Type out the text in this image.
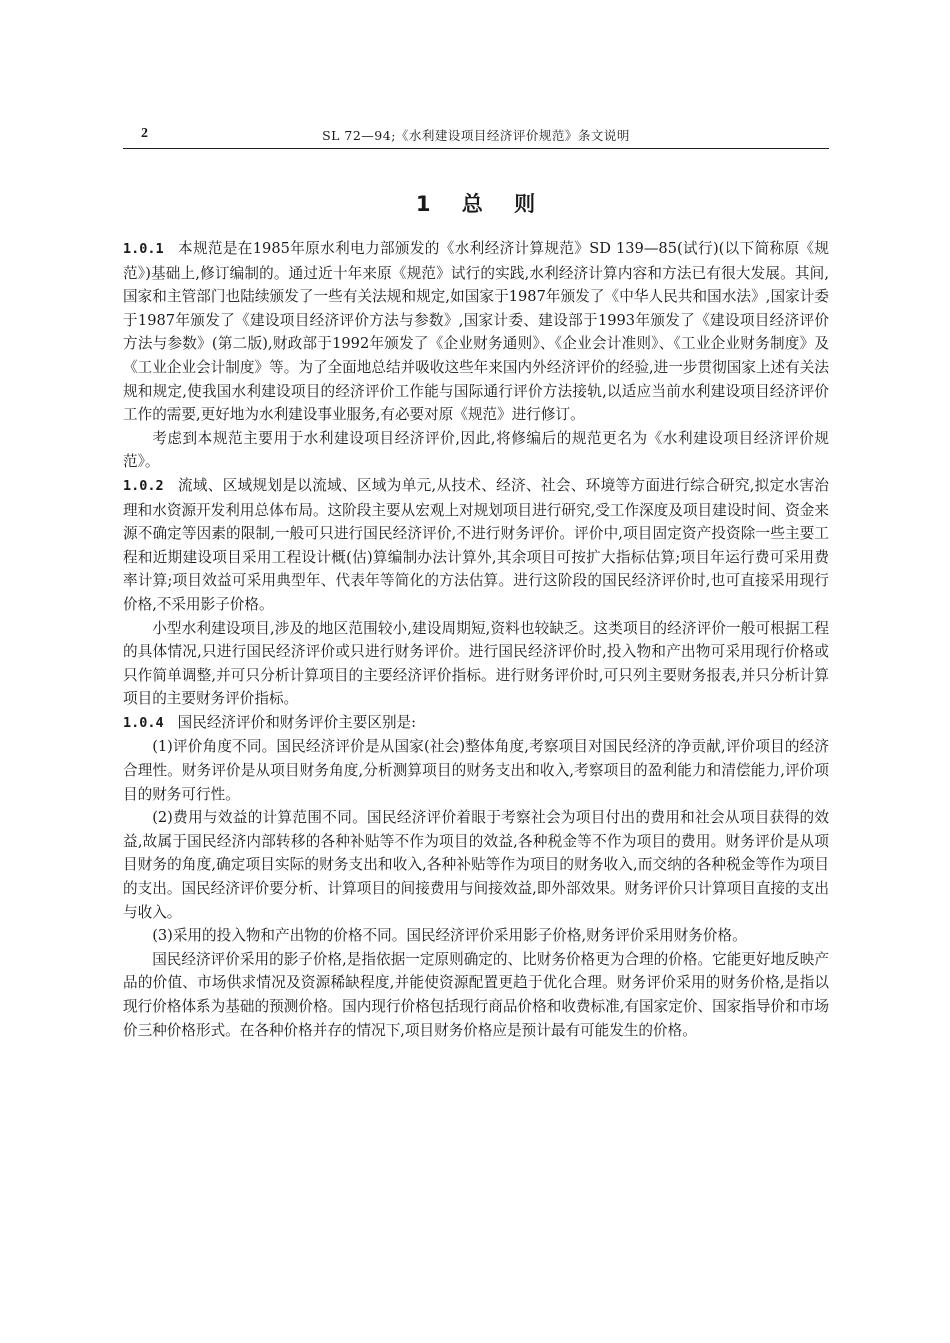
2	SL 72—94;《水利建设项目经济评价规范》条文说明
1 总 则

1.0.1 本规范是在1985年原水利电力部颁发的《水利经济计算规范》SD 139—85(试行)(以下简称原《规范》)基础上,修订编制的。通过近十年来原《规范》试行的实践,水利经济计算内容和方法已有很大发展。其间,国家和主管部门也陆续颁发了一些有关法规和规定,如国家于1987年颁发了《中华人民共和国水法》,国家计委于1987年颁发了《建设项目经济评价方法与参数》,国家计委、建设部于1993年颁发了《建设项目经济评价方法与参数》(第二版),财政部于1992年颁发了《企业财务通则》、《企业会计准则》、《工业企业财务制度》及《工业企业会计制度》等。为了全面地总结并吸收这些年来国内外经济评价的经验,进一步贯彻国家上述有关法规和规定,使我国水利建设项目的经济评价工作能与国际通行评价方法接轨,以适应当前水利建设项目经济评价工作的需要,更好地为水利建设事业服务,有必要对原《规范》进行修订。

考虑到本规范主要用于水利建设项目经济评价,因此,将修编后的规范更名为《水利建设项目经济评价规范》。

1.0.2 流域、区域规划是以流域、区域为单元,从技术、经济、社会、环境等方面进行综合研究,拟定水害治理和水资源开发利用总体布局。这阶段主要从宏观上对规划项目进行研究,受工作深度及项目建设时间、资金来源不确定等因素的限制,一般可只进行国民经济评价,不进行财务评价。评价中,项目固定资产投资除一些主要工程和近期建设项目采用工程设计概(估)算编制办法计算外,其余项目可按扩大指标估算;项目年运行费可采用费率计算;项目效益可采用典型年、代表年等简化的方法估算。进行这阶段的国民经济评价时,也可直接采用现行价格,不采用影子价格。

小型水利建设项目,涉及的地区范围较小,建设周期短,资料也较缺乏。这类项目的经济评价一般可根据工程的具体情况,只进行国民经济评价或只进行财务评价。进行国民经济评价时,投入物和产出物可采用现行价格或只作简单调整,并可只分析计算项目的主要经济评价指标。进行财务评价时,可只列主要财务报表,并只分析计算项目的主要财务评价指标。

1.0.4 国民经济评价和财务评价主要区别是:

(1)评价角度不同。国民经济评价是从国家(社会)整体角度,考察项目对国民经济的净贡献,评价项目的经济合理性。财务评价是从项目财务角度,分析测算项目的财务支出和收入,考察项目的盈利能力和清偿能力,评价项目的财务可行性。

(2)费用与效益的计算范围不同。国民经济评价着眼于考察社会为项目付出的费用和社会从项目获得的效益,故属于国民经济内部转移的各种补贴等不作为项目的效益,各种税金等不作为项目的费用。财务评价是从项目财务的角度,确定项目实际的财务支出和收入,各种补贴等作为项目的财务收入,而交纳的各种税金等作为项目的支出。国民经济评价要分析、计算项目的间接费用与间接效益,即外部效果。财务评价只计算项目直接的支出与收入。

(3)采用的投入物和产出物的价格不同。国民经济评价采用影子价格,财务评价采用财务价格。

国民经济评价采用的影子价格,是指依据一定原则确定的、比财务价格更为合理的价格。它能更好地反映产品的价值、市场供求情况及资源稀缺程度,并能使资源配置更趋于优化合理。财务评价采用的财务价格,是指以现行价格体系为基础的预测价格。国内现行价格包括现行商品价格和收费标准,有国家定价、国家指导价和市场价三种价格形式。在各种价格并存的情况下,项目财务价格应是预计最有可能发生的价格。
